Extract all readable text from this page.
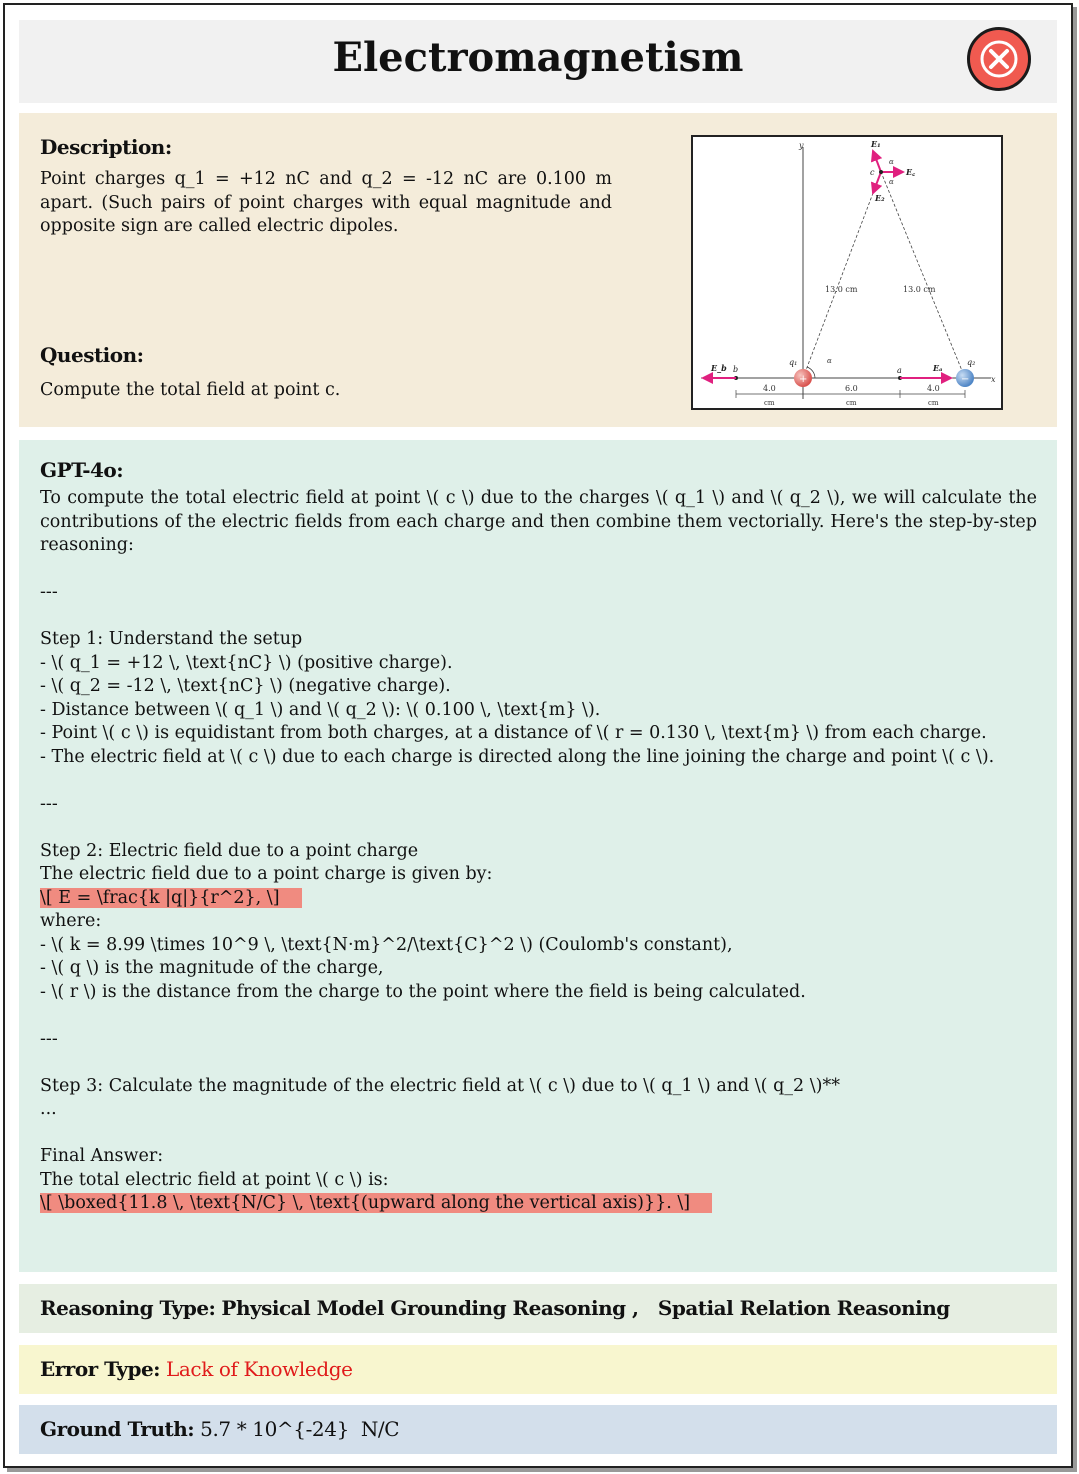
Electromagnetism
Description:
Point charges q_1 = +12 nC and q_2 = -12 nC are 0.100 m apart. (Such pairs of point charges with equal magnitude and opposite sign are called electric dipoles.
Question:
Compute the total field at point c.
y
x
13.0 cm	13.0 cm
E₁
E₂
E꜀
c
α
α
+
q₁	α
−
q₂
a	Eₐ
b
E_b
4.0
cm
6.0
cm
4.0
cm
GPT-4o:
To compute the total electric field at point \( c \) due to the charges \( q_1 \) and \( q_2 \), we will calculate the contributions of the electric fields from each charge and then combine them vectorially. Here's the step-by-step reasoning:
---
Step 1: Understand the setup
- \( q_1 = +12 \, \text{nC} \) (positive charge).
- \( q_2 = -12 \, \text{nC} \) (negative charge).
- Distance between \( q_1 \) and \( q_2 \): \( 0.100 \, \text{m} \).
- Point \( c \) is equidistant from both charges, at a distance of \( r = 0.130 \, \text{m} \) from each charge.
- The electric field at \( c \) due to each charge is directed along the line joining the charge and point \( c \).
---
Step 2: Electric field due to a point charge
The electric field due to a point charge is given by:
\[ E = \frac{k |q|}{r^2}, \]
where:
- \( k = 8.99 \times 10^9 \, \text{N·m}^2/\text{C}^2 \) (Coulomb's constant),
- \( q \) is the magnitude of the charge,
- \( r \) is the distance from the charge to the point where the field is being calculated.
---
Step 3: Calculate the magnitude of the electric field at \( c \) due to \( q_1 \) and \( q_2 \)**
...
Final Answer:
The total electric field at point \( c \) is:
\[ \boxed{11.8 \, \text{N/C} \, \text{(upward along the vertical axis)}}. \]
Reasoning Type: Physical Model Grounding Reasoning ,   Spatial Relation Reasoning
Error Type: Lack of Knowledge
Ground Truth: 5.7 * 10^{-24}  N/C
